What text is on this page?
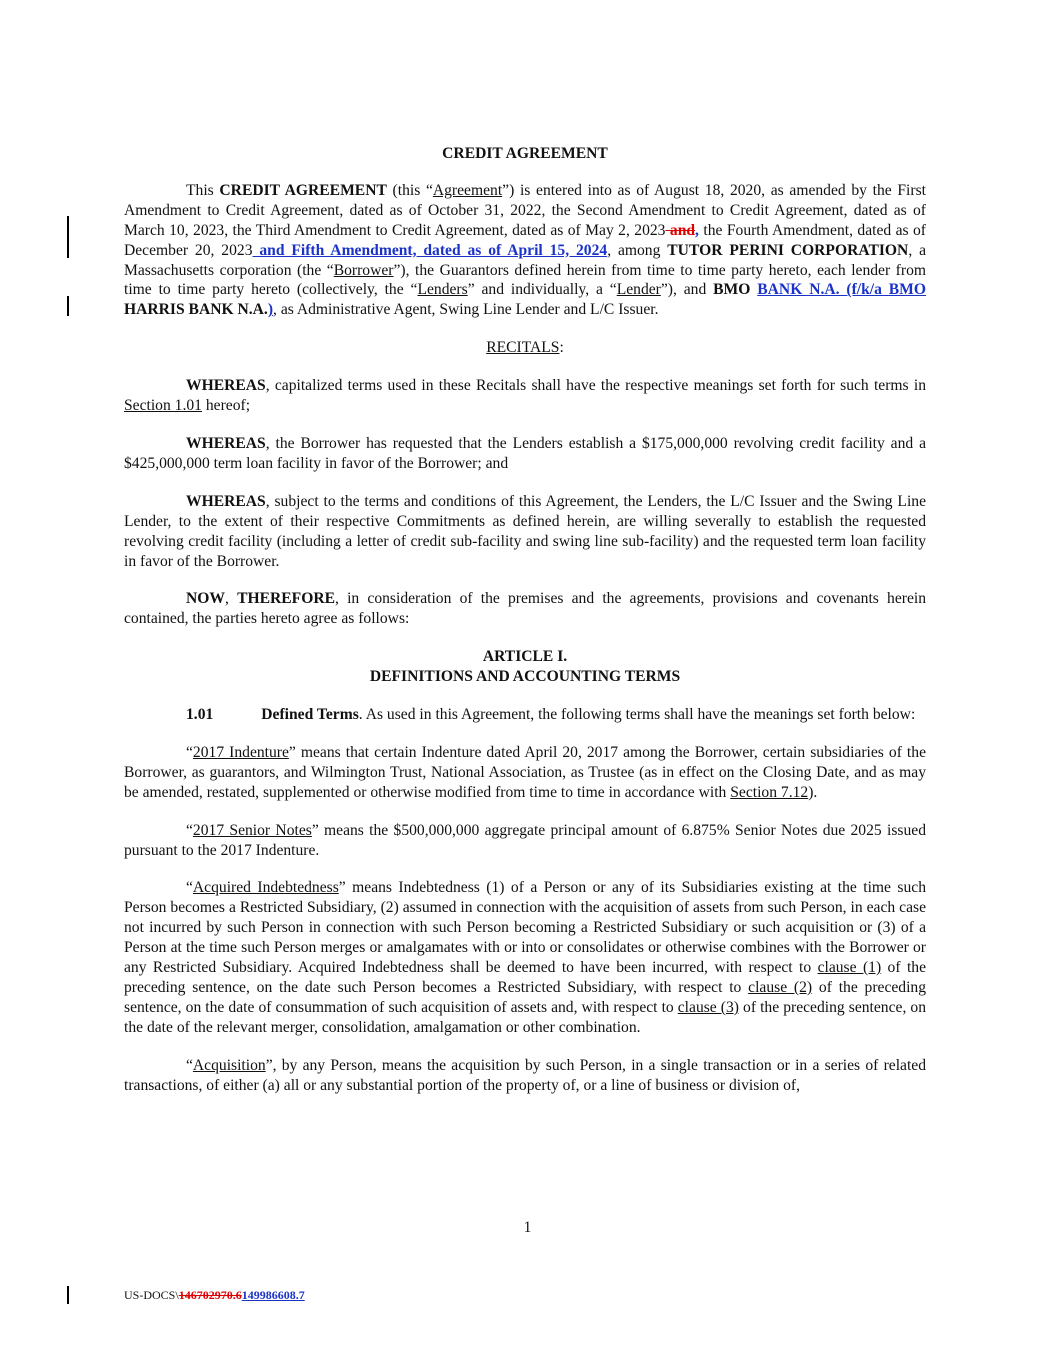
CREDIT AGREEMENT

This CREDIT AGREEMENT (this “Agreement”) is entered into as of August 18, 2020, as amended by the First Amendment to Credit Agreement, dated as of October 31, 2022, the Second Amendment to Credit Agreement, dated as of March 10, 2023, the Third Amendment to Credit Agreement, dated as of May 2, 2023 and, the Fourth Amendment, dated as of December 20, 2023 and Fifth Amendment, dated as of April 15, 2024, among TUTOR PERINI CORPORATION, a Massachusetts corporation (the “Borrower”), the Guarantors defined herein from time to time party hereto, each lender from time to time party hereto (collectively, the “Lenders” and individually, a “Lender”), and BMO BANK N.A. (f/k/a BMO HARRIS BANK N.A.), as Administrative Agent, Swing Line Lender and L/C Issuer.

RECITALS:

WHEREAS, capitalized terms used in these Recitals shall have the respective meanings set forth for such terms in Section 1.01 hereof;

WHEREAS, the Borrower has requested that the Lenders establish a $175,000,000 revolving credit facility and a $425,000,000 term loan facility in favor of the Borrower; and

WHEREAS, subject to the terms and conditions of this Agreement, the Lenders, the L/C Issuer and the Swing Line Lender, to the extent of their respective Commitments as defined herein, are willing severally to establish the requested revolving credit facility (including a letter of credit sub-facility and swing line sub-facility) and the requested term loan facility in favor of the Borrower.

NOW, THEREFORE, in consideration of the premises and the agreements, provisions and covenants herein contained, the parties hereto agree as follows:

ARTICLE I.

DEFINITIONS AND ACCOUNTING TERMS

1.01	Defined Terms. As used in this Agreement, the following terms shall have the meanings set forth below:

“2017 Indenture” means that certain Indenture dated April 20, 2017 among the Borrower, certain subsidiaries of the Borrower, as guarantors, and Wilmington Trust, National Association, as Trustee (as in effect on the Closing Date, and as may be amended, restated, supplemented or otherwise modified from time to time in accordance with Section 7.12).

“2017 Senior Notes” means the $500,000,000 aggregate principal amount of 6.875% Senior Notes due 2025 issued pursuant to the 2017 Indenture.

“Acquired Indebtedness” means Indebtedness (1) of a Person or any of its Subsidiaries existing at the time such Person becomes a Restricted Subsidiary, (2) assumed in connection with the acquisition of assets from such Person, in each case not incurred by such Person in connection with such Person becoming a Restricted Subsidiary or such acquisition or (3) of a Person at the time such Person merges or amalgamates with or into or consolidates or otherwise combines with the Borrower or any Restricted Subsidiary. Acquired Indebtedness shall be deemed to have been incurred, with respect to clause (1) of the preceding sentence, on the date such Person becomes a Restricted Subsidiary, with respect to clause (2) of the preceding sentence, on the date of consummation of such acquisition of assets and, with respect to clause (3) of the preceding sentence, on the date of the relevant merger, consolidation, amalgamation or other combination.

“Acquisition”, by any Person, means the acquisition by such Person, in a single transaction or in a series of related transactions, of either (a) all or any substantial portion of the property of, or a line of business or division of,

1
US-DOCS\146702970.6149986608.7
